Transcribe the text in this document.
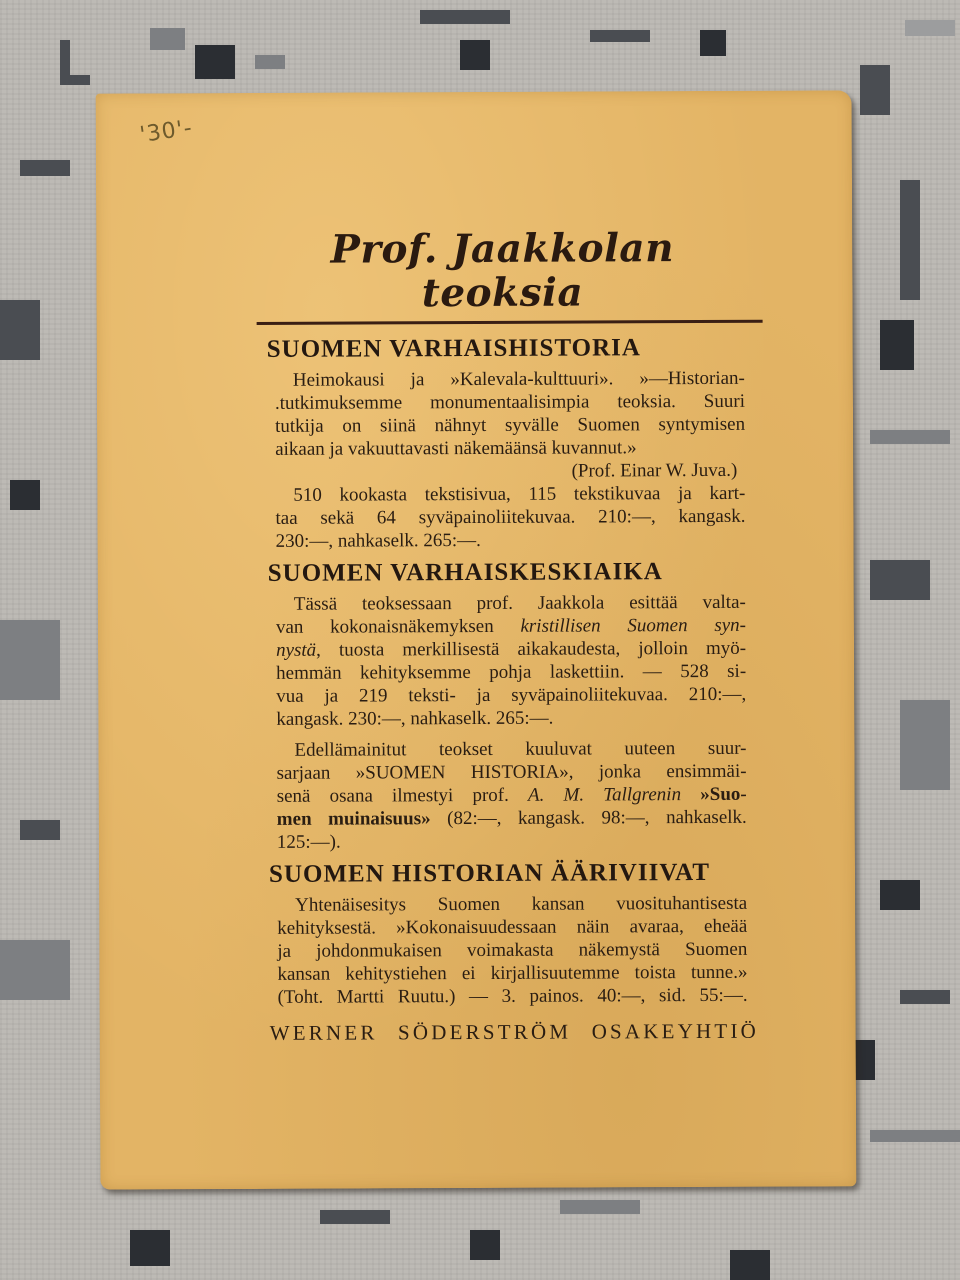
'30'-
Prof. Jaakkolan teoksia
SUOMEN VARHAISHISTORIA
Heimokausi ja »Kalevala-kulttuuri». »—Historian-
.tutkimuksemme monumentaalisimpia teoksia. Suuri
tutkija on siinä nähnyt syvälle Suomen syntymisen
aikaan ja vakuuttavasti näkemäänsä kuvannut.»
(Prof. Einar W. Juva.)
510 kookasta tekstisivua, 115 tekstikuvaa ja kart-
taa sekä 64 syväpainoliitekuvaa. 210:—, kangask.
230:—, nahkaselk. 265:—.
SUOMEN VARHAISKESKIAIKA
Tässä teoksessaan prof. Jaakkola esittää valta-
van kokonaisnäkemyksen kristillisen Suomen syn-
nystä, tuosta merkillisestä aikakaudesta, jolloin myö-
hemmän kehityksemme pohja laskettiin. — 528 si-
vua ja 219 teksti- ja syväpainoliitekuvaa. 210:—,
kangask. 230:—, nahkaselk. 265:—.
Edellämainitut teokset kuuluvat uuteen suur-
sarjaan »SUOMEN HISTORIA», jonka ensimmäi-
senä osana ilmestyi prof. A. M. Tallgrenin »Suo-
men muinaisuus» (82:—, kangask. 98:—, nahkaselk.
125:—).
SUOMEN HISTORIAN ÄÄRIVIIVAT
Yhtenäisesitys Suomen kansan vuosituhantisesta
kehityksestä. »Kokonaisuudessaan näin avaraa, eheää
ja johdonmukaisen voimakasta näkemystä Suomen
kansan kehitystiehen ei kirjallisuutemme toista tunne.»
(Toht. Martti Ruutu.) — 3. painos. 40:—, sid. 55:—.
WERNER SÖDERSTRÖM OSAKEYHTIÖ
